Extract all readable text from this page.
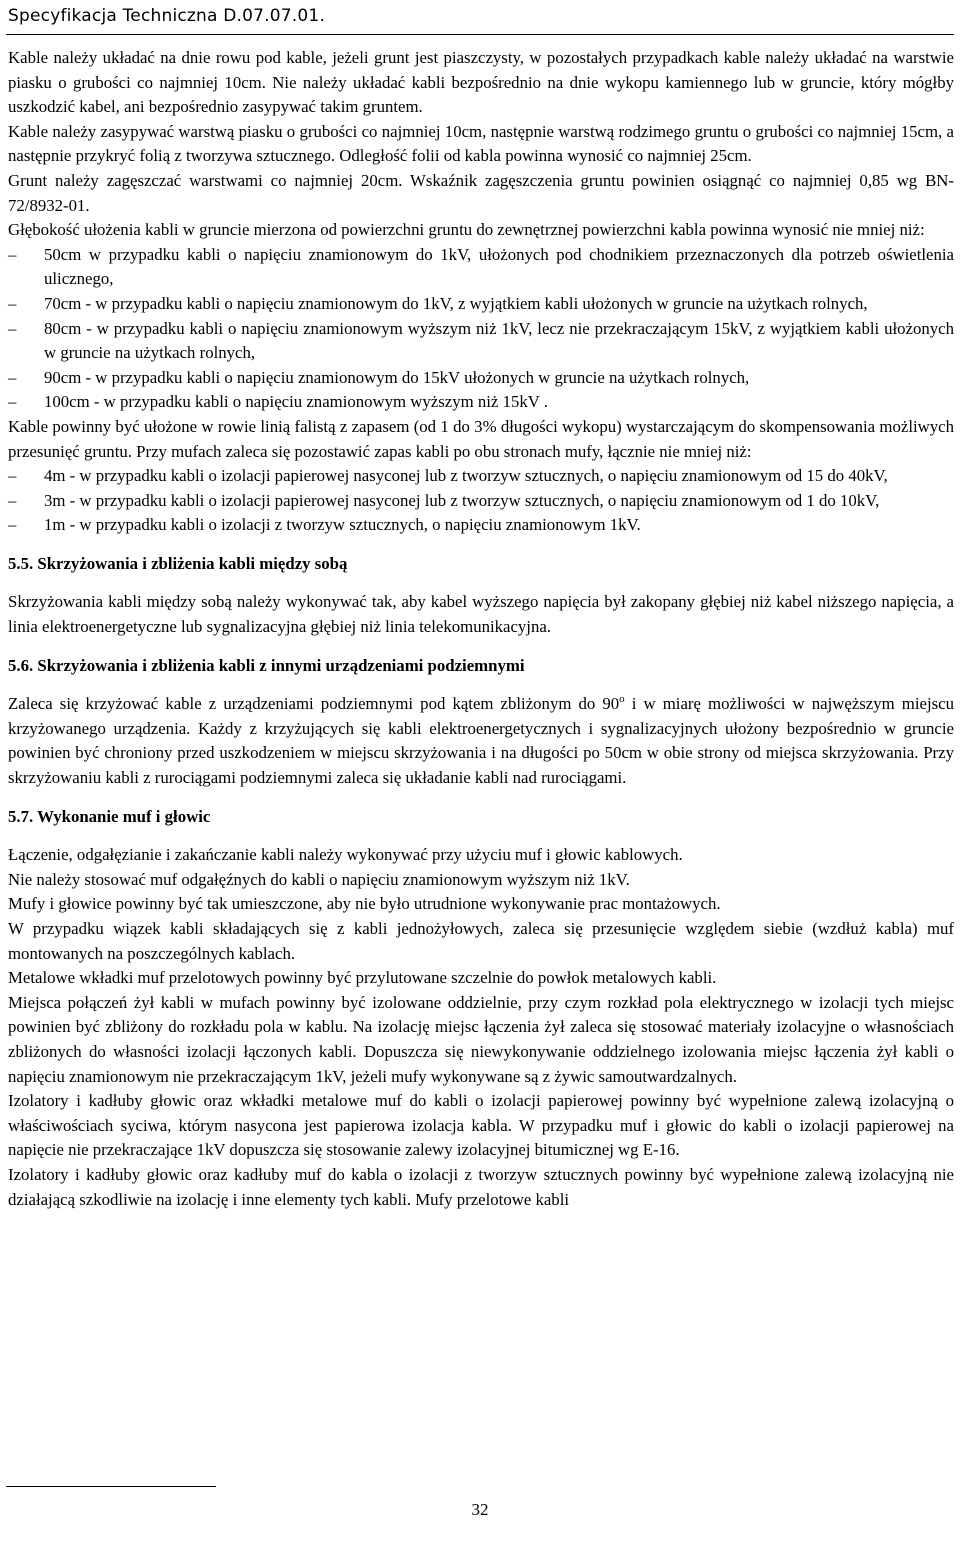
Specyfikacja Techniczna D.07.07.01.

Kable należy układać na dnie rowu pod kable, jeżeli grunt jest piaszczysty, w pozostałych przypadkach kable należy układać na warstwie piasku o grubości co najmniej 10cm. Nie należy układać kabli bezpośrednio na dnie wykopu kamiennego lub w gruncie, który mógłby uszkodzić kabel, ani bezpośrednio zasypywać takim gruntem.

Kable należy zasypywać warstwą piasku o grubości co najmniej 10cm, następnie warstwą rodzimego gruntu o grubości co najmniej 15cm, a następnie przykryć folią z tworzywa sztucznego. Odległość folii od kabla powinna wynosić co najmniej 25cm.

Grunt należy zagęszczać warstwami co najmniej 20cm. Wskaźnik zagęszczenia gruntu powinien osiągnąć co najmniej 0,85 wg BN-72/8932-01.

Głębokość ułożenia kabli w gruncie mierzona od powierzchni gruntu do zewnętrznej powierzchni kabla powinna wynosić nie mniej niż:

– 50cm w przypadku kabli o napięciu znamionowym do 1kV, ułożonych pod chodnikiem przeznaczonych dla potrzeb oświetlenia ulicznego,
– 70cm - w przypadku kabli o napięciu znamionowym do 1kV, z wyjątkiem kabli ułożonych w gruncie na użytkach rolnych,
– 80cm - w przypadku kabli o napięciu znamionowym wyższym niż 1kV, lecz nie przekraczającym 15kV, z wyjątkiem kabli ułożonych w gruncie na użytkach rolnych,
– 90cm - w przypadku kabli o napięciu znamionowym do 15kV ułożonych w gruncie na użytkach rolnych,
– 100cm - w przypadku kabli o napięciu znamionowym wyższym niż 15kV .

Kable powinny być ułożone w rowie linią falistą z zapasem (od 1 do 3% długości wykopu) wystarczającym do skompensowania możliwych przesunięć gruntu. Przy mufach zaleca się pozostawić zapas kabli po obu stronach mufy, łącznie nie mniej niż:

– 4m - w przypadku kabli o izolacji papierowej nasyconej lub z tworzyw sztucznych, o napięciu znamionowym od 15 do 40kV,
– 3m - w przypadku kabli o izolacji papierowej nasyconej lub z tworzyw sztucznych, o napięciu znamionowym od 1 do 10kV,
– 1m - w przypadku kabli o izolacji z tworzyw sztucznych, o napięciu znamionowym 1kV.

5.5. Skrzyżowania i zbliżenia kabli między sobą

Skrzyżowania kabli między sobą należy wykonywać tak, aby kabel wyższego napięcia był zakopany głębiej niż kabel niższego napięcia, a linia elektroenergetyczne lub sygnalizacyjna głębiej niż linia telekomunikacyjna.

5.6. Skrzyżowania i zbliżenia kabli z innymi urządzeniami podziemnymi

Zaleca się krzyżować kable z urządzeniami podziemnymi pod kątem zbliżonym do 90$^o$ i w miarę możliwości w najwęższym miejscu krzyżowanego urządzenia. Każdy z krzyżujących się kabli elektroenergetycznych i sygnalizacyjnych ułożony bezpośrednio w gruncie powinien być chroniony przed uszkodzeniem w miejscu skrzyżowania i na długości po 50cm w obie strony od miejsca skrzyżowania. Przy skrzyżowaniu kabli z rurociągami podziemnymi zaleca się układanie kabli nad rurociągami.

5.7. Wykonanie muf i głowic

Łączenie, odgałęzianie i zakańczanie kabli należy wykonywać przy użyciu muf i głowic kablowych.

Nie należy stosować muf odgałęźnych do kabli o napięciu znamionowym wyższym niż 1kV.

Mufy i głowice powinny być tak umieszczone, aby nie było utrudnione wykonywanie prac montażowych.

W przypadku wiązek kabli składających się z kabli jednożyłowych, zaleca się przesunięcie względem siebie (wzdłuż kabla) muf montowanych na poszczególnych kablach.

Metalowe wkładki muf przelotowych powinny być przylutowane szczelnie do powłok metalowych kabli.

Miejsca połączeń żył kabli w mufach powinny być izolowane oddzielnie, przy czym rozkład pola elektrycznego w izolacji tych miejsc powinien być zbliżony do rozkładu pola w kablu. Na izolację miejsc łączenia żył zaleca się stosować materiały izolacyjne o własnościach zbliżonych do własności izolacji łączonych kabli. Dopuszcza się niewykonywanie oddzielnego izolowania miejsc łączenia żył kabli o napięciu znamionowym nie przekraczającym 1kV, jeżeli mufy wykonywane są z żywic samoutwardzalnych.

Izolatory i kadłuby głowic oraz wkładki metalowe muf do kabli o izolacji papierowej powinny być wypełnione zalewą izolacyjną o właściwościach syciwa, którym nasycona jest papierowa izolacja kabla. W przypadku muf i głowic do kabli o izolacji papierowej na napięcie nie przekraczające 1kV dopuszcza się stosowanie zalewy izolacyjnej bitumicznej wg E-16.

Izolatory i kadłuby głowic oraz kadłuby muf do kabla o izolacji z tworzyw sztucznych powinny być wypełnione zalewą izolacyjną nie działającą szkodliwie na izolację i inne elementy tych kabli. Mufy przelotowe kabli

32
